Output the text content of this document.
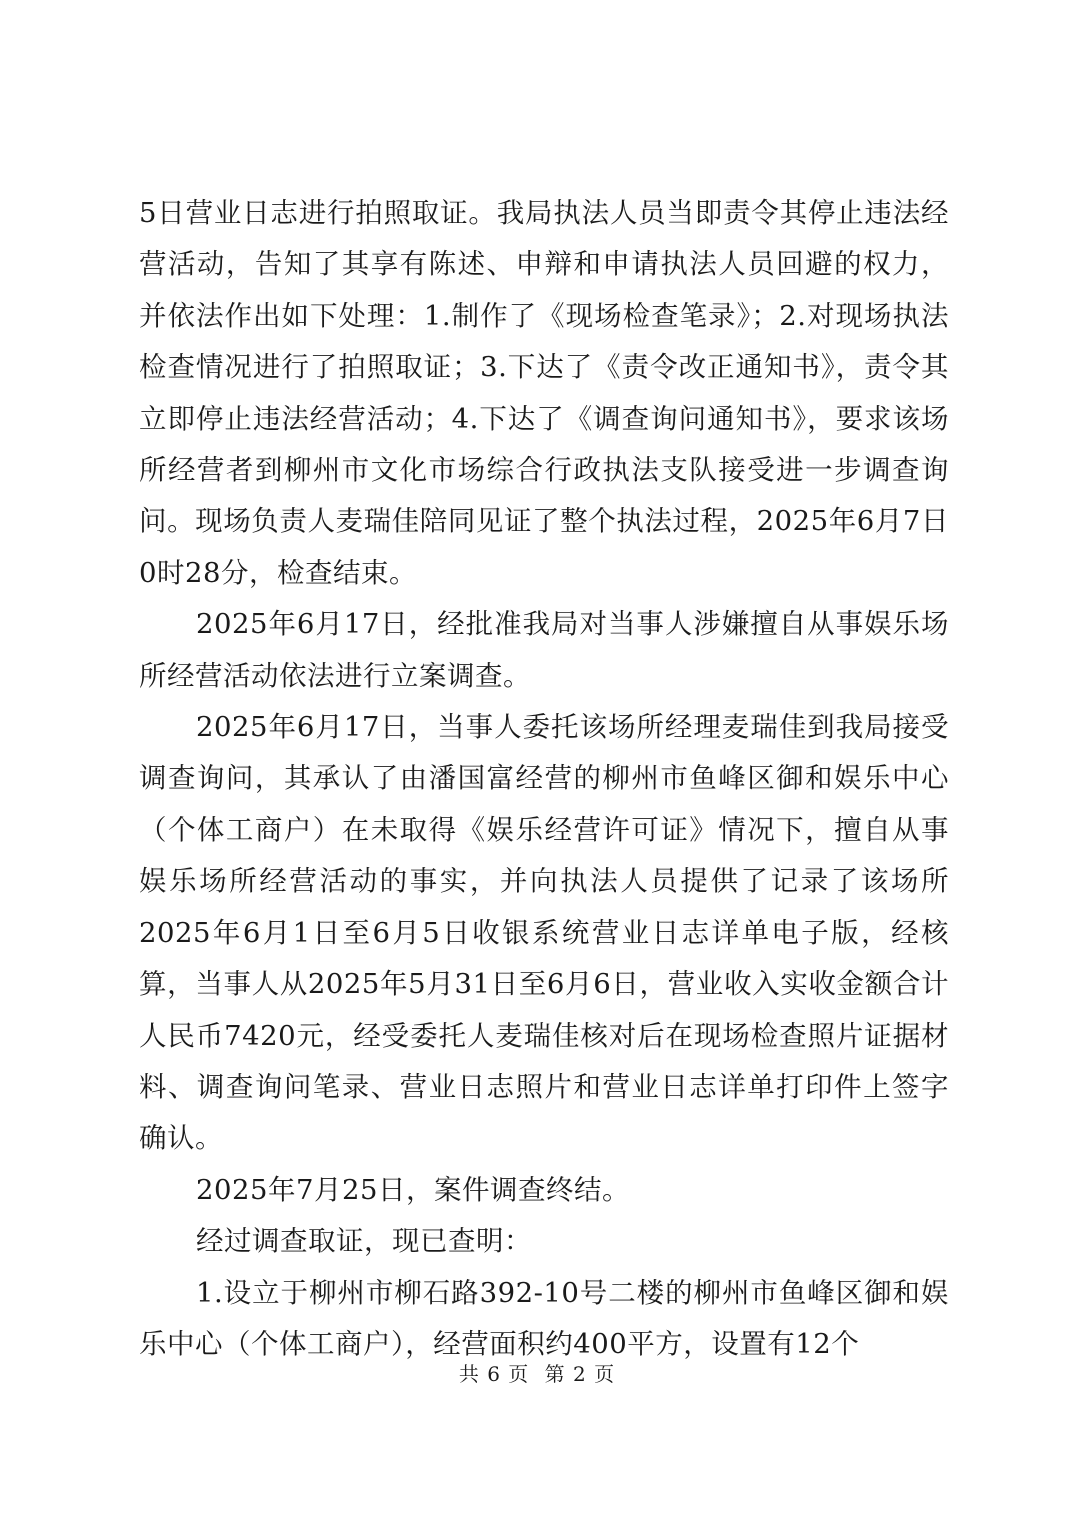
5日营业日志进行拍照取证。我局执法人员当即责令其停止违法经营活动，告知了其享有陈述、申辩和申请执法人员回避的权力，并依法作出如下处理：1.制作了《现场检查笔录》；2.对现场执法检查情况进行了拍照取证；3.下达了《责令改正通知书》，责令其立即停止违法经营活动；4.下达了《调查询问通知书》，要求该场所经营者到柳州市文化市场综合行政执法支队接受进一步调查询问。现场负责人麦瑞佳陪同见证了整个执法过程，2025年6月7日0时28分，检查结束。

2025年6月17日，经批准我局对当事人涉嫌擅自从事娱乐场所经营活动依法进行立案调查。

2025年6月17日，当事人委托该场所经理麦瑞佳到我局接受调查询问，其承认了由潘国富经营的柳州市鱼峰区御和娱乐中心（个体工商户）在未取得《娱乐经营许可证》情况下，擅自从事娱乐场所经营活动的事实，并向执法人员提供了记录了该场所2025年6月1日至6月5日收银系统营业日志详单电子版，经核算，当事人从2025年5月31日至6月6日，营业收入实收金额合计人民币7420元，经受委托人麦瑞佳核对后在现场检查照片证据材料、调查询问笔录、营业日志照片和营业日志详单打印件上签字确认。

2025年7月25日，案件调查终结。

经过调查取证，现已查明：

1.设立于柳州市柳石路392-10号二楼的柳州市鱼峰区御和娱乐中心（个体工商户），经营面积约400平方，设置有12个

共 6 页 第 2 页
